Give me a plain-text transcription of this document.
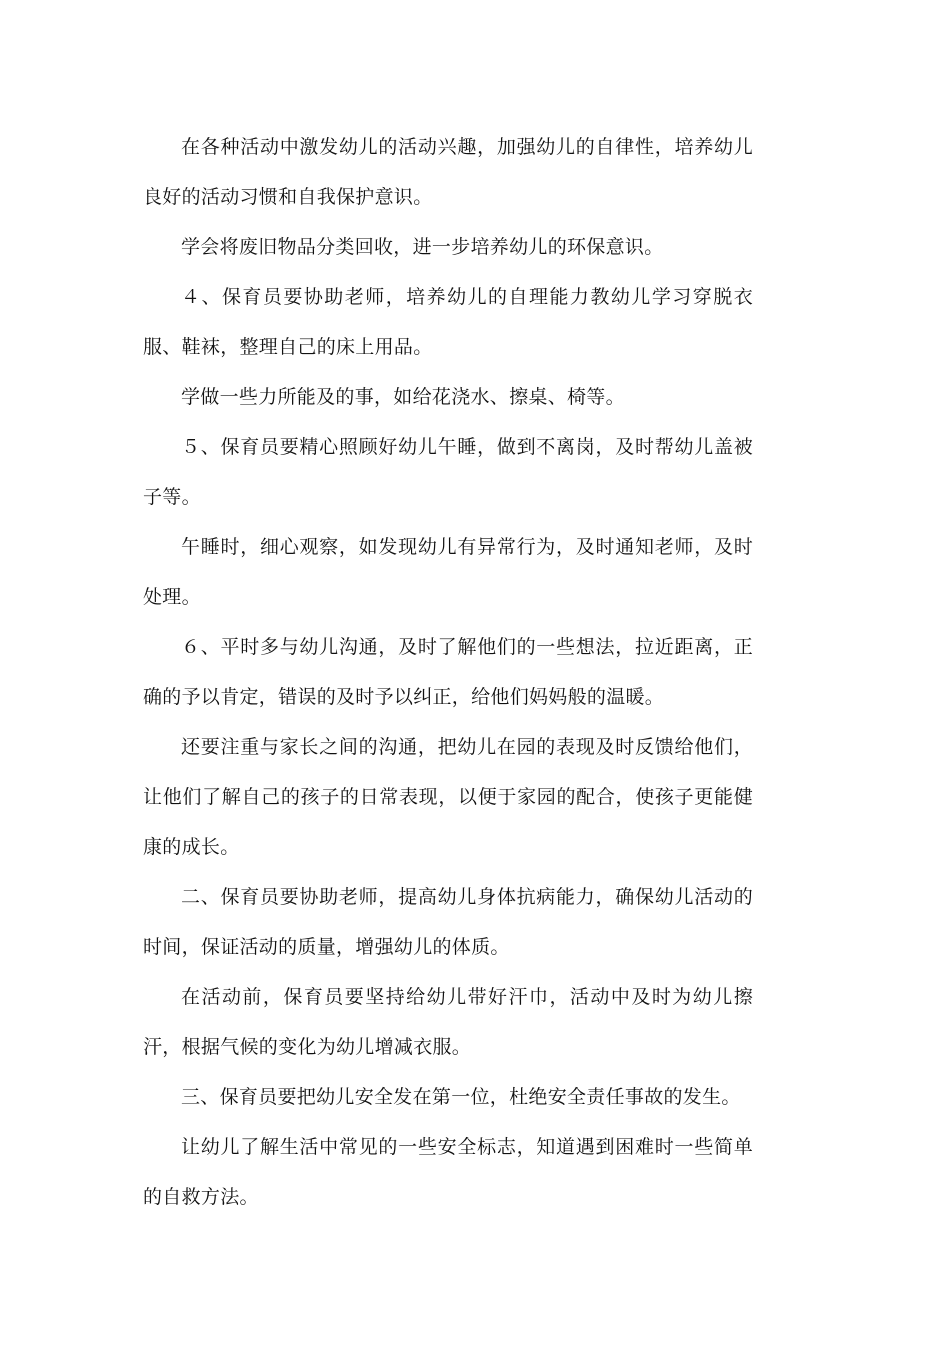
在各种活动中激发幼儿的活动兴趣，加强幼儿的自律性，培养幼儿良好的活动习惯和自我保护意识。

学会将废旧物品分类回收，进一步培养幼儿的环保意识。

４、保育员要协助老师，培养幼儿的自理能力教幼儿学习穿脱衣服、鞋袜，整理自己的床上用品。

学做一些力所能及的事，如给花浇水、擦桌、椅等。

５、保育员要精心照顾好幼儿午睡，做到不离岗，及时帮幼儿盖被子等。

午睡时，细心观察，如发现幼儿有异常行为，及时通知老师，及时处理。

６、平时多与幼儿沟通，及时了解他们的一些想法，拉近距离，正确的予以肯定，错误的及时予以纠正，给他们妈妈般的温暖。

还要注重与家长之间的沟通，把幼儿在园的表现及时反馈给他们，让他们了解自己的孩子的日常表现，以便于家园的配合，使孩子更能健康的成长。

二、保育员要协助老师，提高幼儿身体抗病能力，确保幼儿活动的时间，保证活动的质量，增强幼儿的体质。

在活动前，保育员要坚持给幼儿带好汗巾，活动中及时为幼儿擦汗，根据气候的变化为幼儿增减衣服。

三、保育员要把幼儿安全发在第一位，杜绝安全责任事故的发生。

让幼儿了解生活中常见的一些安全标志，知道遇到困难时一些简单的自救方法。
